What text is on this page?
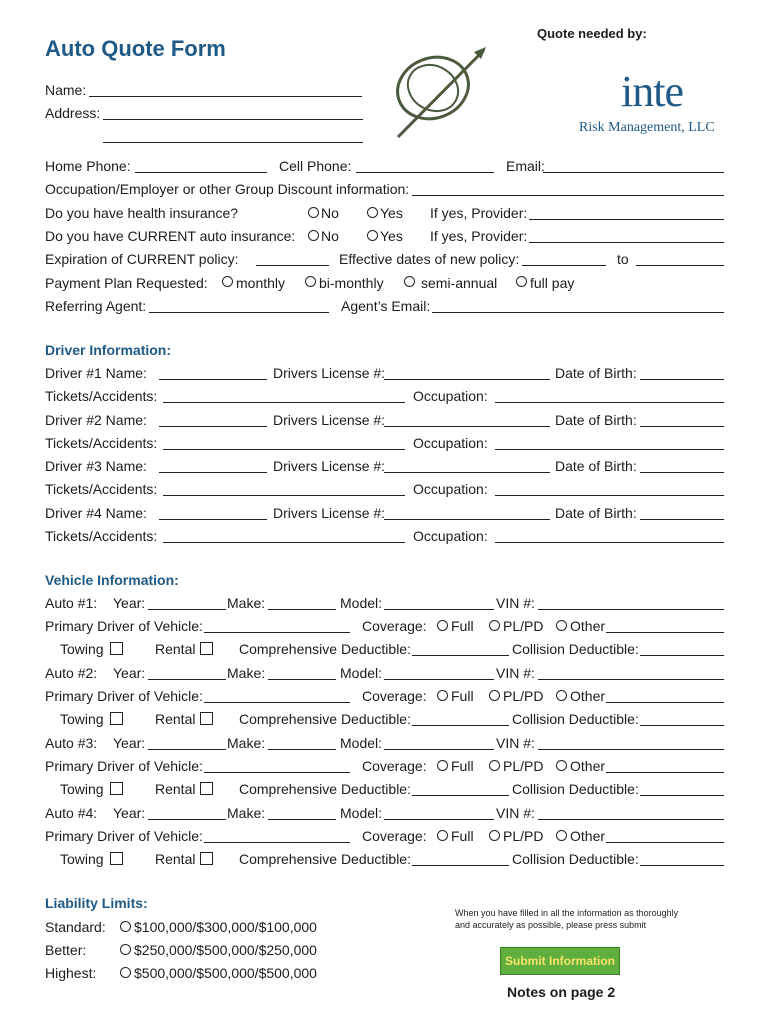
Auto Quote Form
Quote needed by:
inte
Risk Management, LLC
Name:
Address:
Home Phone:	Cell Phone:	Email:
Occupation/Employer or other Group Discount information:
Do you have health insurance?	No	Yes If yes, Provider:
Do you have CURRENT auto insurance: No	Yes If yes, Provider:
Expiration of CURRENT policy:	Effective dates of new policy:	to
Payment Plan Requested: monthly bi-monthly	semi-annual full pay
Referring Agent:	Agent’s Email:
Driver Information:
Driver #1 Name:	Drivers License #:	Date of Birth:
Tickets/Accidents:	Occupation:
Driver #2 Name:	Drivers License #:	Date of Birth:
Tickets/Accidents:	Occupation:
Driver #3 Name:	Drivers License #:	Date of Birth:
Tickets/Accidents:	Occupation:
Driver #4 Name:	Drivers License #:	Date of Birth:
Tickets/Accidents:	Occupation:
Vehicle Information:
Auto #1: Year:	Make:	Model:	VIN #:
Primary Driver of Vehicle:	Coverage: Full PL/PD Other
Towing	Rental	Comprehensive Deductible:	Collision Deductible:
Auto #2: Year:	Make:	Model:	VIN #:
Primary Driver of Vehicle:	Coverage: Full PL/PD Other
Towing	Rental	Comprehensive Deductible:	Collision Deductible:
Auto #3: Year:	Make:	Model:	VIN #:
Primary Driver of Vehicle:	Coverage: Full PL/PD Other
Towing	Rental	Comprehensive Deductible:	Collision Deductible:
Auto #4: Year:	Make:	Model:	VIN #:
Primary Driver of Vehicle:	Coverage: Full PL/PD Other
Towing	Rental	Comprehensive Deductible:	Collision Deductible:
Liability Limits:
Standard: $100,000/$300,000/$100,000
Better:	$250,000/$500,000/$250,000
Highest:	$500,000/$500,000/$500,000
When you have filled in all the information as thoroughly
and accurately as possible, please press submit
Submit Information
Notes on page 2
